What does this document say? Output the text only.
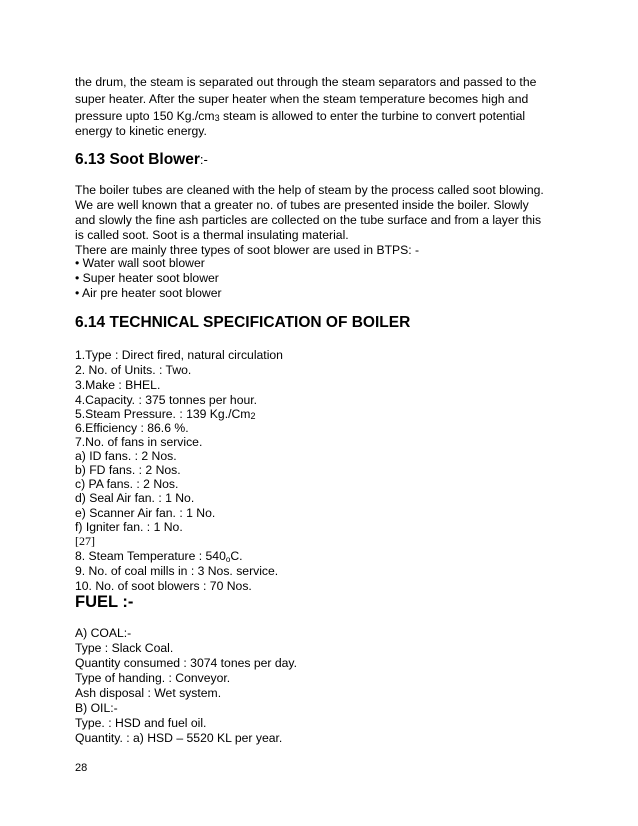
the drum, the steam is separated out through the steam separators and passed to the
super heater. After the super heater when the steam temperature becomes high and
pressure upto 150 Kg./cm3 steam is allowed to enter the turbine to convert potential
energy to kinetic energy.
6.13 Soot Blower:-
The boiler tubes are cleaned with the help of steam by the process called soot blowing.
We are well known that a greater no. of tubes are presented inside the boiler. Slowly
and slowly the fine ash particles are collected on the tube surface and from a layer this
is called soot. Soot is a thermal insulating material.
There are mainly three types of soot blower are used in BTPS: -
• Water wall soot blower
• Super heater soot blower
• Air pre heater soot blower
6.14 TECHNICAL SPECIFICATION OF BOILER
1.Type : Direct fired, natural circulation
2. No. of Units. : Two.
3.Make : BHEL.
4.Capacity. : 375 tonnes per hour.
5.Steam Pressure. : 139 Kg./Cm2
6.Efficiency : 86.6 %.
7.No. of fans in service.
a) ID fans. : 2 Nos.
b) FD fans. : 2 Nos.
c) PA fans. : 2 Nos.
d) Seal Air fan. : 1 No.
e) Scanner Air fan. : 1 No.
f) Igniter fan. : 1 No.
[27]
8. Steam Temperature : $540_oC$.
9. No. of coal mills in : 3 Nos. service.
10. No. of soot blowers : 70 Nos.
FUEL :-
A) COAL:-
Type : Slack Coal.
Quantity consumed : 3074 tones per day.
Type of handing. : Conveyor.
Ash disposal : Wet system.
B) OIL:-
Type. : HSD and fuel oil.
Quantity. : a) HSD – 5520 KL per year.
28
